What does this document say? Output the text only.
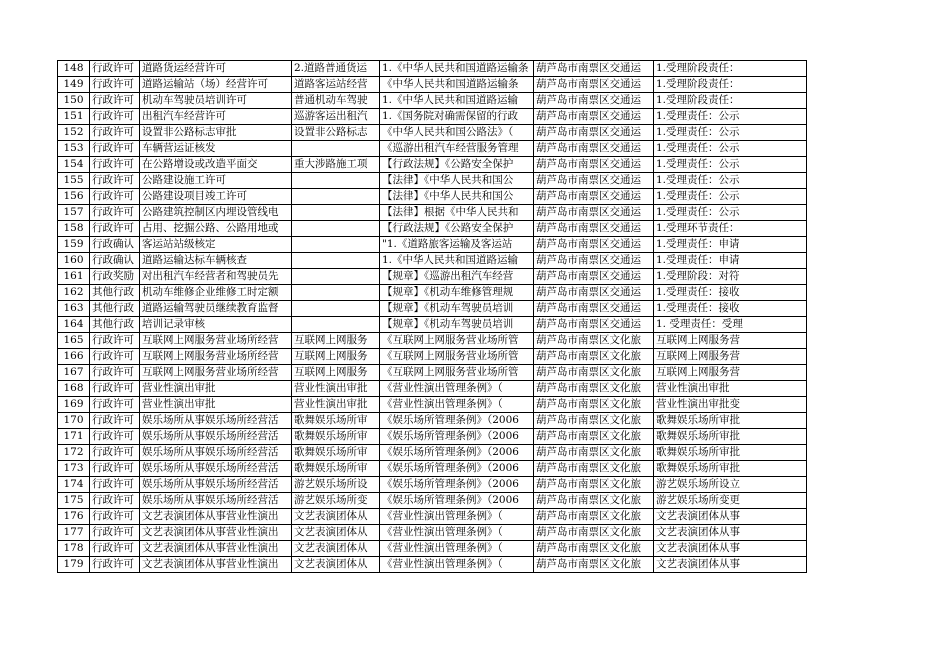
148	行政许可	道路货运经营许可	2.道路普通货运	1.《中华人民共和国道路运输条	葫芦岛市南票区交通运	1.受理阶段责任：
149	行政许可	道路运输站（场）经营许可	道路客运站经营	《中华人民共和国道路运输条	葫芦岛市南票区交通运	1.受理阶段责任：
150	行政许可	机动车驾驶员培训许可	普通机动车驾驶	1.《中华人民共和国道路运输	葫芦岛市南票区交通运	1.受理阶段责任：
151	行政许可	出租汽车经营许可	巡游客运出租汽	1.《国务院对确需保留的行政	葫芦岛市南票区交通运	1.受理责任：公示
152	行政许可	设置非公路标志审批	设置非公路标志	《中华人民共和国公路法》（	葫芦岛市南票区交通运	1.受理责任：公示
153	行政许可	车辆营运证核发		《巡游出租汽车经营服务管理	葫芦岛市南票区交通运	1.受理责任：公示
154	行政许可	在公路增设或改造平面交	重大涉路施工项	【行政法规】《公路安全保护	葫芦岛市南票区交通运	1.受理责任：公示
155	行政许可	公路建设施工许可		【法律】《中华人民共和国公	葫芦岛市南票区交通运	1.受理责任：公示
156	行政许可	公路建设项目竣工许可		【法律】《中华人民共和国公	葫芦岛市南票区交通运	1.受理责任：公示
157	行政许可	公路建筑控制区内埋设管线电		【法律】根据《中华人民共和	葫芦岛市南票区交通运	1.受理责任：公示
158	行政许可	占用、挖掘公路、公路用地或		【行政法规】《公路安全保护	葫芦岛市南票区交通运	1.受理环节责任：
159	行政确认	客运站站级核定		"1.《道路旅客运输及客运站	葫芦岛市南票区交通运	1.受理责任：申请
160	行政确认	道路运输达标车辆核查		1.《中华人民共和国道路运输	葫芦岛市南票区交通运	1.受理责任：申请
161	行政奖励	对出租汽车经营者和驾驶员先		【规章】《巡游出租汽车经营	葫芦岛市南票区交通运	1.受理阶段：对符
162	其他行政	机动车维修企业维修工时定额		【规章】《机动车维修管理规	葫芦岛市南票区交通运	1.受理责任：接收
163	其他行政	道路运输驾驶员继续教育监督		【规章】《机动车驾驶员培训	葫芦岛市南票区交通运	1.受理责任：接收
164	其他行政	培训记录审核		【规章】《机动车驾驶员培训	葫芦岛市南票区交通运	1. 受理责任：受理
165	行政许可	互联网上网服务营业场所经营	互联网上网服务	《互联网上网服务营业场所管	葫芦岛市南票区文化旅	互联网上网服务营
166	行政许可	互联网上网服务营业场所经营	互联网上网服务	《互联网上网服务营业场所管	葫芦岛市南票区文化旅	互联网上网服务营
167	行政许可	互联网上网服务营业场所经营	互联网上网服务	《互联网上网服务营业场所管	葫芦岛市南票区文化旅	互联网上网服务营
168	行政许可	营业性演出审批	营业性演出审批	《营业性演出管理条例》（	葫芦岛市南票区文化旅	营业性演出审批
169	行政许可	营业性演出审批	营业性演出审批	《营业性演出管理条例》（	葫芦岛市南票区文化旅	营业性演出审批变
170	行政许可	娱乐场所从事娱乐场所经营活	歌舞娱乐场所审	《娱乐场所管理条例》（2006	葫芦岛市南票区文化旅	歌舞娱乐场所审批
171	行政许可	娱乐场所从事娱乐场所经营活	歌舞娱乐场所审	《娱乐场所管理条例》（2006	葫芦岛市南票区文化旅	歌舞娱乐场所审批
172	行政许可	娱乐场所从事娱乐场所经营活	歌舞娱乐场所审	《娱乐场所管理条例》（2006	葫芦岛市南票区文化旅	歌舞娱乐场所审批
173	行政许可	娱乐场所从事娱乐场所经营活	歌舞娱乐场所审	《娱乐场所管理条例》（2006	葫芦岛市南票区文化旅	歌舞娱乐场所审批
174	行政许可	娱乐场所从事娱乐场所经营活	游艺娱乐场所设	《娱乐场所管理条例》（2006	葫芦岛市南票区文化旅	游艺娱乐场所设立
175	行政许可	娱乐场所从事娱乐场所经营活	游艺娱乐场所变	《娱乐场所管理条例》（2006	葫芦岛市南票区文化旅	游艺娱乐场所变更
176	行政许可	文艺表演团体从事营业性演出	文艺表演团体从	《营业性演出管理条例》（	葫芦岛市南票区文化旅	文艺表演团体从事
177	行政许可	文艺表演团体从事营业性演出	文艺表演团体从	《营业性演出管理条例》（	葫芦岛市南票区文化旅	文艺表演团体从事
178	行政许可	文艺表演团体从事营业性演出	文艺表演团体从	《营业性演出管理条例》（	葫芦岛市南票区文化旅	文艺表演团体从事
179	行政许可	文艺表演团体从事营业性演出	文艺表演团体从	《营业性演出管理条例》（	葫芦岛市南票区文化旅	文艺表演团体从事
